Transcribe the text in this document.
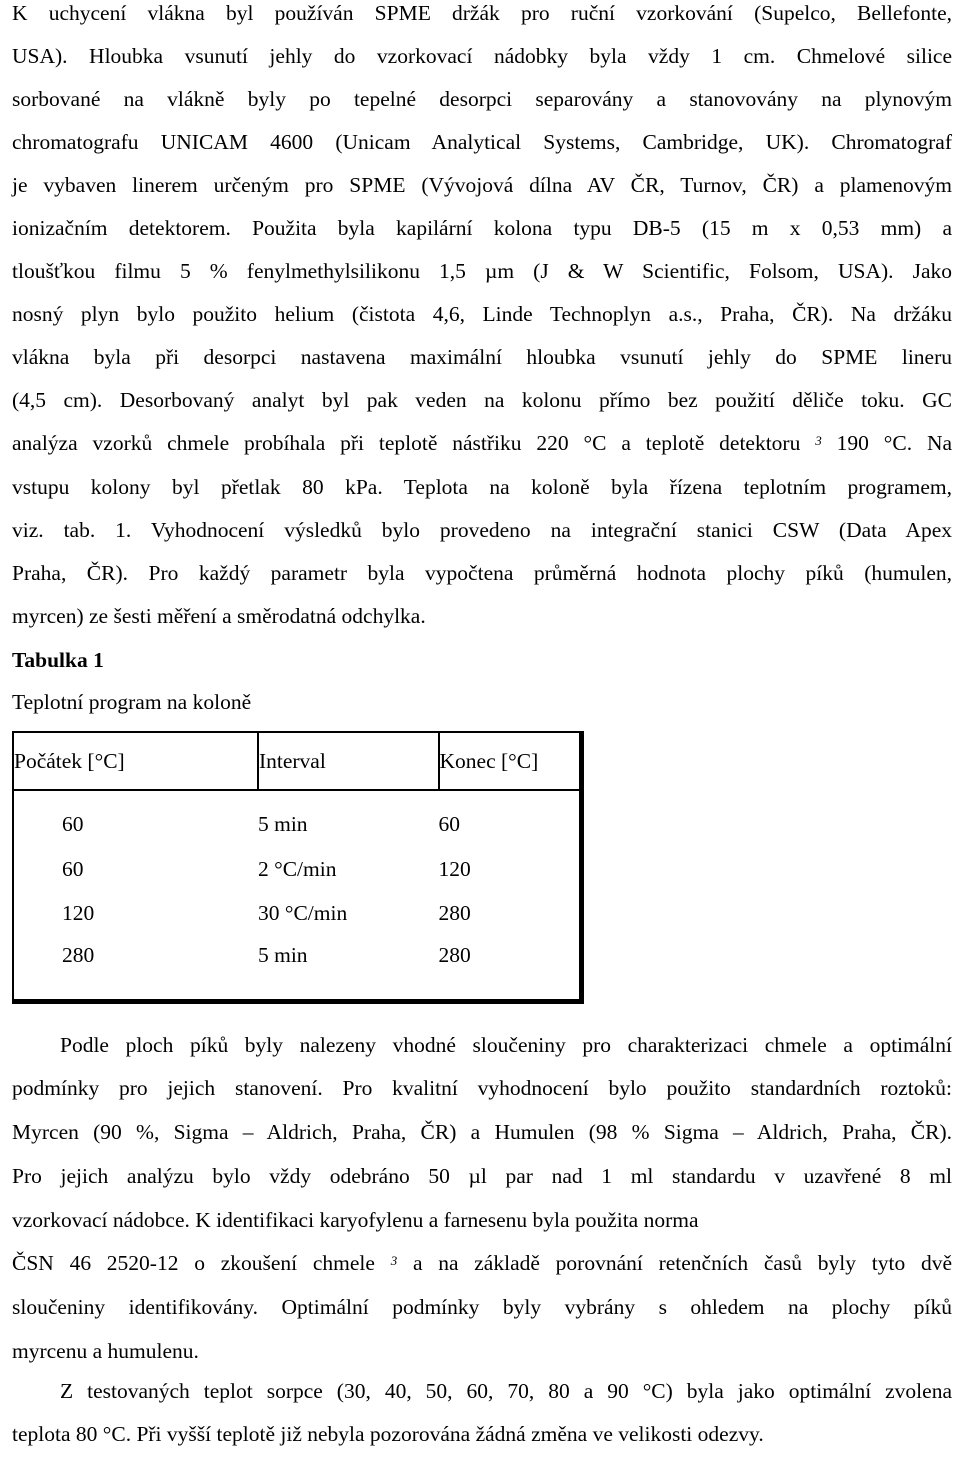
K uchycení vlákna byl používán SPME držák pro ruční vzorkování (Supelco, Bellefonte,
USA). Hloubka vsunutí jehly do vzorkovací nádobky byla vždy 1 cm. Chmelové silice
sorbované na vlákně byly po tepelné desorpci separovány a stanovovány na plynovým
chromatografu UNICAM 4600 (Unicam Analytical Systems, Cambridge, UK). Chromatograf
je vybaven linerem určeným pro SPME (Vývojová dílna AV ČR, Turnov, ČR) a plamenovým
ionizačním detektorem. Použita byla kapilární kolona typu DB-5 (15 m x 0,53 mm) a
tloušťkou filmu 5 % fenylmethylsilikonu 1,5 µm (J & W Scientific, Folsom, USA). Jako
nosný plyn bylo použito helium (čistota 4,6, Linde Technoplyn a.s., Praha, ČR). Na držáku
vlákna byla při desorpci nastavena maximální hloubka vsunutí jehly do SPME lineru
(4,5 cm). Desorbovaný analyt byl pak veden na kolonu přímo bez použití děliče toku. GC
analýza vzorků chmele probíhala při teplotě nástřiku 220 °C a teplotě detektoru $^3$ 190 °C. Na
vstupu kolony byl přetlak 80 kPa. Teplota na koloně byla řízena teplotním programem,
viz. tab. 1. Vyhodnocení výsledků bylo provedeno na integrační stanici CSW (Data Apex
Praha, ČR). Pro každý parametr byla vypočtena průměrná hodnota plochy píků (humulen,
myrcen) ze šesti měření a směrodatná odchylka.
Tabulka 1
Teplotní program na koloně
Počátek [°C]	Interval	Konec [°C]
60	5 min	60
60	2 °C/min	120
120	30 °C/min	280
280	5 min	280
Podle ploch píků byly nalezeny vhodné sloučeniny pro charakterizaci chmele a optimální
podmínky pro jejich stanovení. Pro kvalitní vyhodnocení bylo použito standardních roztoků:
Myrcen (90 %, Sigma – Aldrich, Praha, ČR) a Humulen (98 % Sigma – Aldrich, Praha, ČR).
Pro jejich analýzu bylo vždy odebráno 50 µl par nad 1 ml standardu v uzavřené 8 ml
vzorkovací nádobce. K identifikaci karyofylenu a farnesenu byla použita norma
ČSN 46 2520-12 o zkoušení chmele $^3$ a na základě porovnání retenčních časů byly tyto dvě
sloučeniny identifikovány. Optimální podmínky byly vybrány s ohledem na plochy píků
myrcenu a humulenu.
Z testovaných teplot sorpce (30, 40, 50, 60, 70, 80 a 90 °C) byla jako optimální zvolena
teplota 80 °C. Při vyšší teplotě již nebyla pozorována žádná změna ve velikosti odezvy.
